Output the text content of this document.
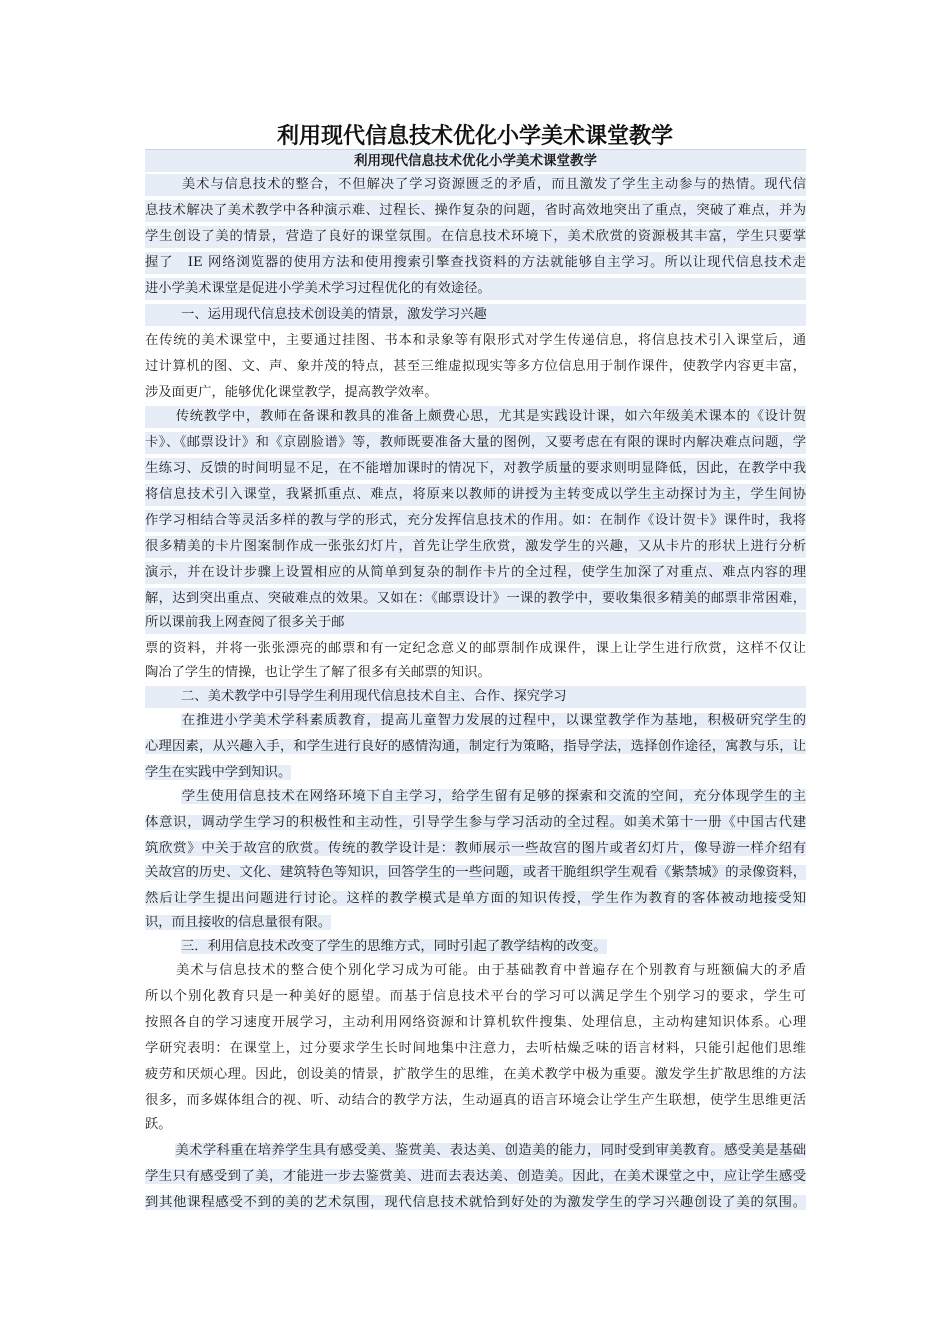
利用现代信息技术优化小学美术课堂教学
利用现代信息技术优化小学美术课堂教学
美术与信息技术的整合，不但解决了学习资源匮乏的矛盾，而且激发了学生主动参与的热情。现代信
息技术解决了美术教学中各种演示难、过程长、操作复杂的问题，省时高效地突出了重点，突破了难点，并为
学生创设了美的情景，营造了良好的课堂氛围。在信息技术环境下，美术欣赏的资源极其丰富，学生只要掌
握了　IE 网络浏览器的使用方法和使用搜索引擎查找资料的方法就能够自主学习。所以让现代信息技术走
进小学美术课堂是促进小学美术学习过程优化的有效途径。
一、运用现代信息技术创设美的情景，激发学习兴趣
在传统的美术课堂中，主要通过挂图、书本和录象等有限形式对学生传递信息，将信息技术引入课堂后，通
过计算机的图、文、声、象并茂的特点，甚至三维虚拟现实等多方位信息用于制作课件，使教学内容更丰富，
涉及面更广，能够优化课堂教学，提高教学效率。
传统教学中，教师在备课和教具的准备上颇费心思，尤其是实践设计课，如六年级美术课本的《设计贺
卡》、《邮票设计》和《京剧脸谱》等，教师既要准备大量的图例，又要考虑在有限的课时内解决难点问题，学
生练习、反馈的时间明显不足，在不能增加课时的情况下，对教学质量的要求则明显降低，因此，在教学中我
将信息技术引入课堂，我紧抓重点、难点，将原来以教师的讲授为主转变成以学生主动探讨为主，学生间协
作学习相结合等灵活多样的教与学的形式，充分发挥信息技术的作用。如：在制作《设计贺卡》课件时，我将
很多精美的卡片图案制作成一张张幻灯片，首先让学生欣赏，激发学生的兴趣，又从卡片的形状上进行分析
演示，并在设计步骤上设置相应的从简单到复杂的制作卡片的全过程，使学生加深了对重点、难点内容的理
解，达到突出重点、突破难点的效果。又如在：《邮票设计》一课的教学中，要收集很多精美的邮票非常困难，
所以课前我上网查阅了很多关于邮
票的资料，并将一张张漂亮的邮票和有一定纪念意义的邮票制作成课件，课上让学生进行欣赏，这样不仅让
陶冶了学生的情操，也让学生了解了很多有关邮票的知识。
二、美术教学中引导学生利用现代信息技术自主、合作、探究学习
在推进小学美术学科素质教育，提高儿童智力发展的过程中，以课堂教学作为基地，积极研究学生的
心理因素，从兴趣入手，和学生进行良好的感情沟通，制定行为策略，指导学法，选择创作途径，寓教与乐，让
学生在实践中学到知识。
学生使用信息技术在网络环境下自主学习，给学生留有足够的探索和交流的空间，充分体现学生的主
体意识，调动学生学习的积极性和主动性，引导学生参与学习活动的全过程。如美术第十一册《中国古代建
筑欣赏》中关于故宫的欣赏。传统的教学设计是：教师展示一些故宫的图片或者幻灯片，像导游一样介绍有
关故宫的历史、文化、建筑特色等知识，回答学生的一些问题，或者干脆组织学生观看《紫禁城》的录像资料，
然后让学生提出问题进行讨论。这样的教学模式是单方面的知识传授，学生作为教育的客体被动地接受知
识，而且接收的信息量很有限。
三．利用信息技术改变了学生的思维方式，同时引起了教学结构的改变。
美术与信息技术的整合使个别化学习成为可能。由于基础教育中普遍存在个别教育与班额偏大的矛盾
所以个别化教育只是一种美好的愿望。而基于信息技术平台的学习可以满足学生个别学习的要求，学生可
按照各自的学习速度开展学习，主动利用网络资源和计算机软件搜集、处理信息，主动构建知识体系。心理
学研究表明：在课堂上，过分要求学生长时间地集中注意力，去听枯燥乏味的语言材料，只能引起他们思维
疲劳和厌烦心理。因此，创设美的情景，扩散学生的思维，在美术教学中极为重要。激发学生扩散思维的方法
很多，而多媒体组合的视、听、动结合的教学方法，生动逼真的语言环境会让学生产生联想，使学生思维更活
跃。
美术学科重在培养学生具有感受美、鉴赏美、表达美、创造美的能力，同时受到审美教育。感受美是基础
学生只有感受到了美，才能进一步去鉴赏美、进而去表达美、创造美。因此，在美术课堂之中，应让学生感受
到其他课程感受不到的美的艺术氛围，现代信息技术就恰到好处的为激发学生的学习兴趣创设了美的氛围。
